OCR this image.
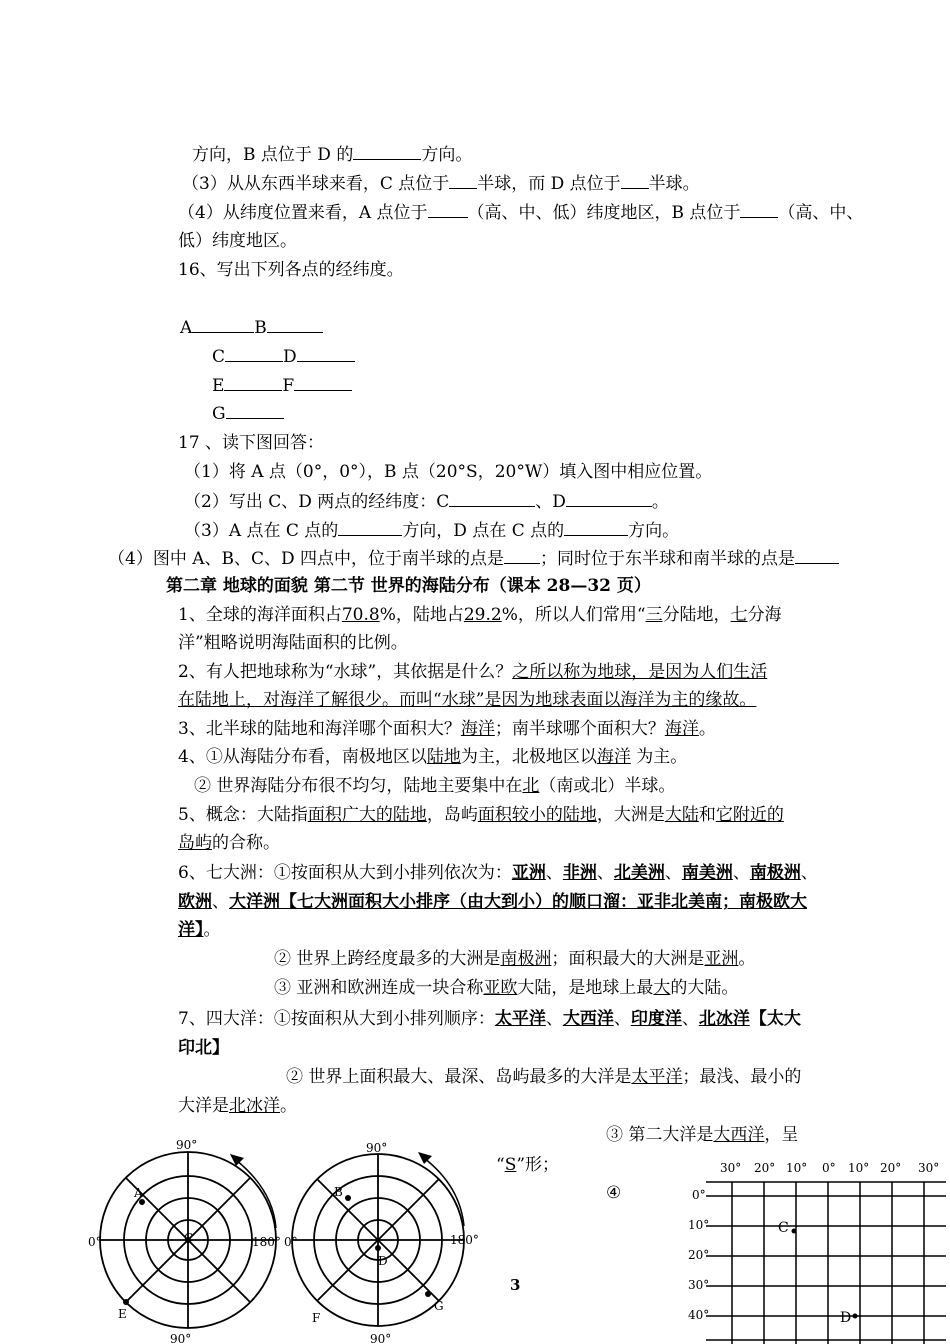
方向，B 点位于 D 的	方向。
（3）从从东西半球来看，C 点位于 半球，而 D 点位于 半球。
（4）从纬度位置来看，A 点位于 （高、中、低）纬度地区，B 点位于 （高、中、
低）纬度地区。
16、写出下列各点的经纬度。
A	B
C	D
E	F
G
17 、读下图回答：
（1）将 A 点（0°，0°），B 点（20°S，20°W）填入图中相应位置。
（2）写出 C、D 两点的经纬度：C	、D	。
（3）A 点在 C 点的	方向，D 点在 C 点的	方向。
（4）图中 A、B、C、D 四点中，位于南半球的点是 ；同时位于东半球和南半球的点是
第二章 地球的面貌 第二节 世界的海陆分布（课本 28—32 页）
1、全球的海洋面积占70.8%，陆地占29.2%，所以人们常用“三分陆地，七分海
洋”粗略说明海陆面积的比例。
2、有人把地球称为“水球”，其依据是什么？之所以称为地球，是因为人们生活
在陆地上，对海洋了解很少。而叫“水球”是因为地球表面以海洋为主的缘故。
3、北半球的陆地和海洋哪个面积大？海洋；南半球哪个面积大？海洋。
4、①从海陆分布看，南极地区以陆地为主，北极地区以海洋 为主。
② 世界海陆分布很不均匀，陆地主要集中在北（南或北）半球。
5、概念：大陆指面积广大的陆地，岛屿面积较小的陆地，大洲是大陆和它附近的
岛屿的合称。
6、七大洲：①按面积从大到小排列依次为：亚洲、非洲、北美洲、南美洲、南极洲、
欧洲、大洋洲【七大洲面积大小排序（由大到小）的顺口溜：亚非北美南；南极欧大
洋】。
② 世界上跨经度最多的大洲是南极洲；面积最大的大洲是亚洲。
③ 亚洲和欧洲连成一块合称亚欧大陆，是地球上最大的大陆。
7、四大洋：①按面积从大到小排列顺序：太平洋、大西洋、印度洋、北冰洋【太大
印北】
② 世界上面积最大、最深、岛屿最多的大洋是太平洋；最浅、最小的
大洋是北冰洋。
③ 第二大洋是大西洋，呈
“S”形；
④
3
90°
90°
0°	180°
A
C
E
90°
90°
0°	180°
B
D
F
G
30° 20° 10° 0° 10° 20° 30°
0°
10°
20°
30°
40°
C
D
